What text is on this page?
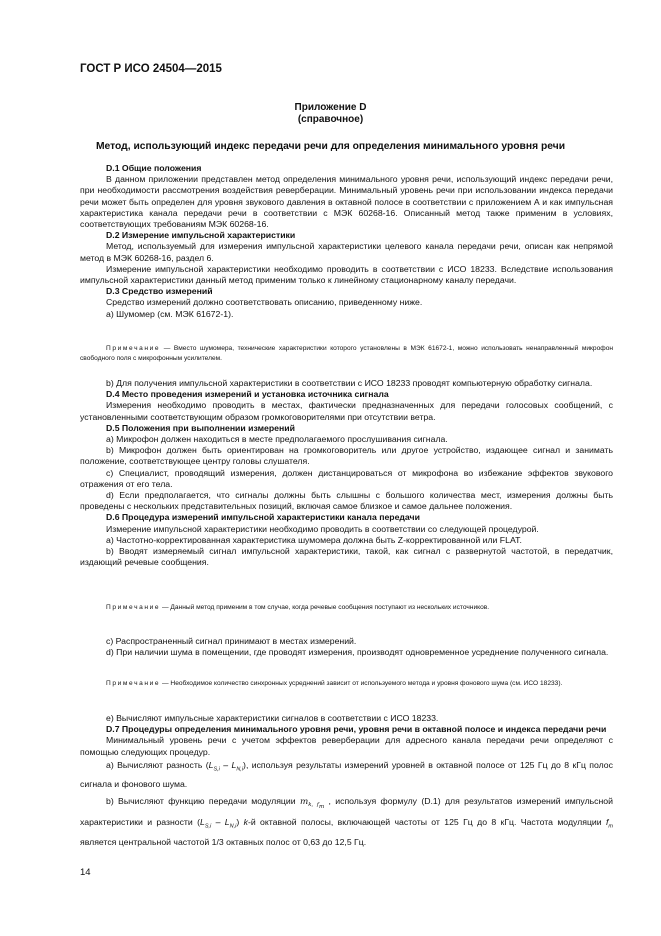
ГОСТ Р ИСО 24504—2015
Приложение D
(справочное)
Метод, использующий индекс передачи речи для определения минимального уровня речи

D.1 Общие положения

В данном приложении представлен метод определения минимального уровня речи, использующий индекс передачи речи, при необходимости рассмотрения воздействия реверберации. Минимальный уровень речи при использовании индекса передачи речи может быть определен для уровня звукового давления в октавной полосе в соответствии с приложением А и как импульсная характеристика канала передачи речи в соответствии с МЭК 60268-16. Описанный метод также применим в условиях, соответствующих требованиям МЭК 60268-16.

D.2 Измерение импульсной характеристики

Метод, используемый для измерения импульсной характеристики целевого канала передачи речи, описан как непрямой метод в МЭК 60268-16, раздел 6.

Измерение импульсной характеристики необходимо проводить в соответствии с ИСО 18233. Вследствие использования импульсной характеристики данный метод применим только к линейному стационарному каналу передачи.

D.3 Средство измерений

Средство измерений должно соответствовать описанию, приведенному ниже.

а) Шумомер (см. МЭК 61672-1).

Примечание — Вместо шумомера, технические характеристики которого установлены в МЭК 61672-1, можно использовать ненаправленный микрофон свободного поля с микрофонным усилителем.

b) Для получения импульсной характеристики в соответствии с ИСО 18233 проводят компьютерную обработку сигнала.

D.4 Место проведения измерений и установка источника сигнала

Измерения необходимо проводить в местах, фактически предназначенных для передачи голосовых сообщений, с установленными соответствующим образом громкоговорителями при отсутствии ветра.

D.5 Положения при выполнении измерений

а) Микрофон должен находиться в месте предполагаемого прослушивания сигнала.

b) Микрофон должен быть ориентирован на громкоговоритель или другое устройство, издающее сигнал и занимать положение, соответствующее центру головы слушателя.

c) Специалист, проводящий измерения, должен дистанцироваться от микрофона во избежание эффектов звукового отражения от его тела.

d) Если предполагается, что сигналы должны быть слышны с большого количества мест, измерения должны быть проведены с нескольких представительных позиций, включая самое близкое и самое дальнее положения.

D.6 Процедура измерений импульсной характеристики канала передачи

Измерение импульсной характеристики необходимо проводить в соответствии со следующей процедурой.

а) Частотно-корректированная характеристика шумомера должна быть Z-корректированной или FLAT.

b) Вводят измеряемый сигнал импульсной характеристики, такой, как сигнал с развернутой частотой, в передатчик, издающий речевые сообщения.

Примечание — Данный метод применим в том случае, когда речевые сообщения поступают из нескольких источников.

c) Распространенный сигнал принимают в местах измерений.

d) При наличии шума в помещении, где проводят измерения, производят одновременное усреднение полученного сигнала.

Примечание — Необходимое количество синхронных усреднений зависит от используемого метода и уровня фонового шума (см. ИСО 18233).

е) Вычисляют импульсные характеристики сигналов в соответствии с ИСО 18233.

D.7 Процедуры определения минимального уровня речи, уровня речи в октавной полосе и индекса передачи речи

Минимальный уровень речи с учетом эффектов реверберации для адресного канала передачи речи определяют с помощью следующих процедур.

а) Вычисляют разность $(L_{S,i} - L_{N,i})$, используя результаты измерений уровней в октавной полосе от 125 Гц до 8 кГц полос сигнала и фонового шума.

b) Вычисляют функцию передачи модуляции $m_{k, f_m}$ , используя формулу (D.1) для результатов измерений импульсной характеристики и разности $(L_{S,i} - L_{N,i})$ k-й октавной полосы, включающей частоты от 125 Гц до 8 кГц. Частота модуляции $f_m$ является центральной частотой 1/3 октавных полос от 0,63 до 12,5 Гц.

14
